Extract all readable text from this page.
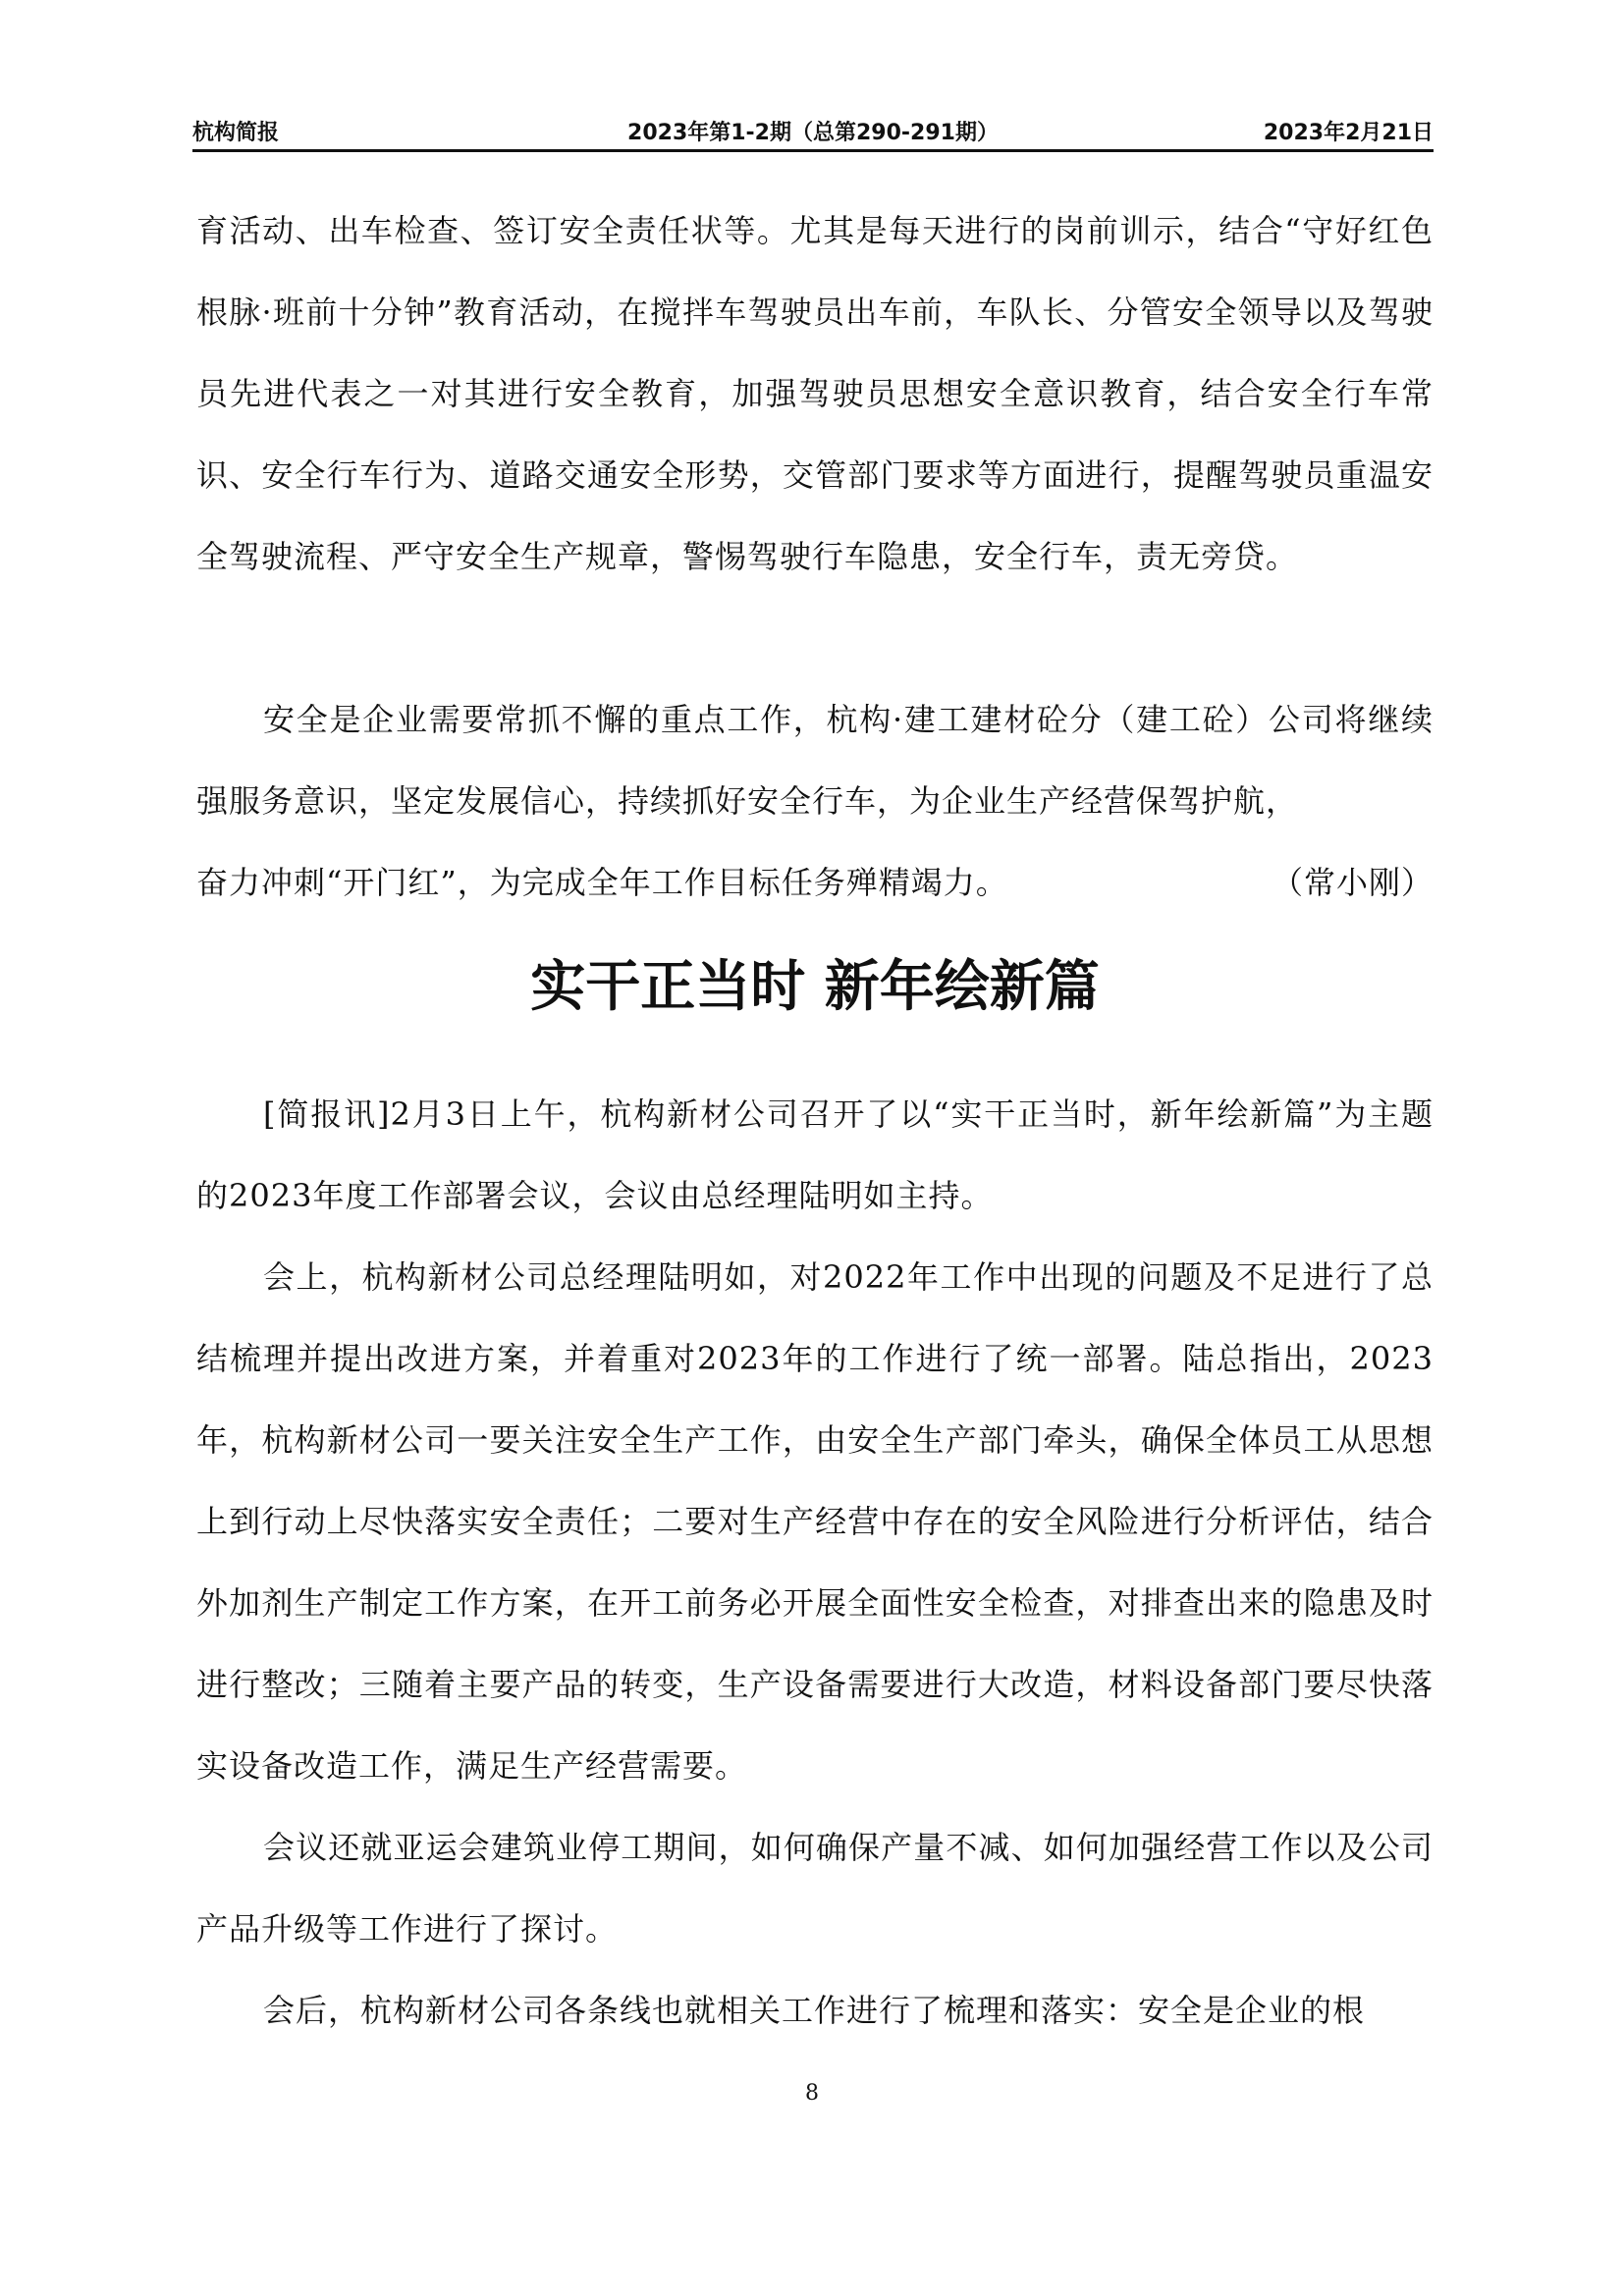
杭构简报	2023年第1-2期（总第290-291期）	2023年2月21日
育活动、出车检查、签订安全责任状等。尤其是每天进行的岗前训示，结合“守好红色根脉·班前十分钟”教育活动，在搅拌车驾驶员出车前，车队长、分管安全领导以及驾驶员先进代表之一对其进行安全教育，加强驾驶员思想安全意识教育，结合安全行车常识、安全行车行为、道路交通安全形势，交管部门要求等方面进行，提醒驾驶员重温安全驾驶流程、严守安全生产规章，警惕驾驶行车隐患，安全行车，责无旁贷。
安全是企业需要常抓不懈的重点工作，杭构·建工建材砼分（建工砼）公司将继续强服务意识，坚定发展信心，持续抓好安全行车，为企业生产经营保驾护航，
奋力冲刺“开门红”，为完成全年工作目标任务殚精竭力。	（常小刚）
实干正当时 新年绘新篇
[简报讯]2月3日上午，杭构新材公司召开了以“实干正当时，新年绘新篇”为主题的2023年度工作部署会议，会议由总经理陆明如主持。
会上，杭构新材公司总经理陆明如，对2022年工作中出现的问题及不足进行了总结梳理并提出改进方案，并着重对2023年的工作进行了统一部署。陆总指出，2023年，杭构新材公司一要关注安全生产工作，由安全生产部门牵头，确保全体员工从思想上到行动上尽快落实安全责任；二要对生产经营中存在的安全风险进行分析评估，结合外加剂生产制定工作方案，在开工前务必开展全面性安全检查，对排查出来的隐患及时进行整改；三随着主要产品的转变，生产设备需要进行大改造，材料设备部门要尽快落实设备改造工作，满足生产经营需要。
会议还就亚运会建筑业停工期间，如何确保产量不减、如何加强经营工作以及公司产品升级等工作进行了探讨。
会后，杭构新材公司各条线也就相关工作进行了梳理和落实：安全是企业的根
8
